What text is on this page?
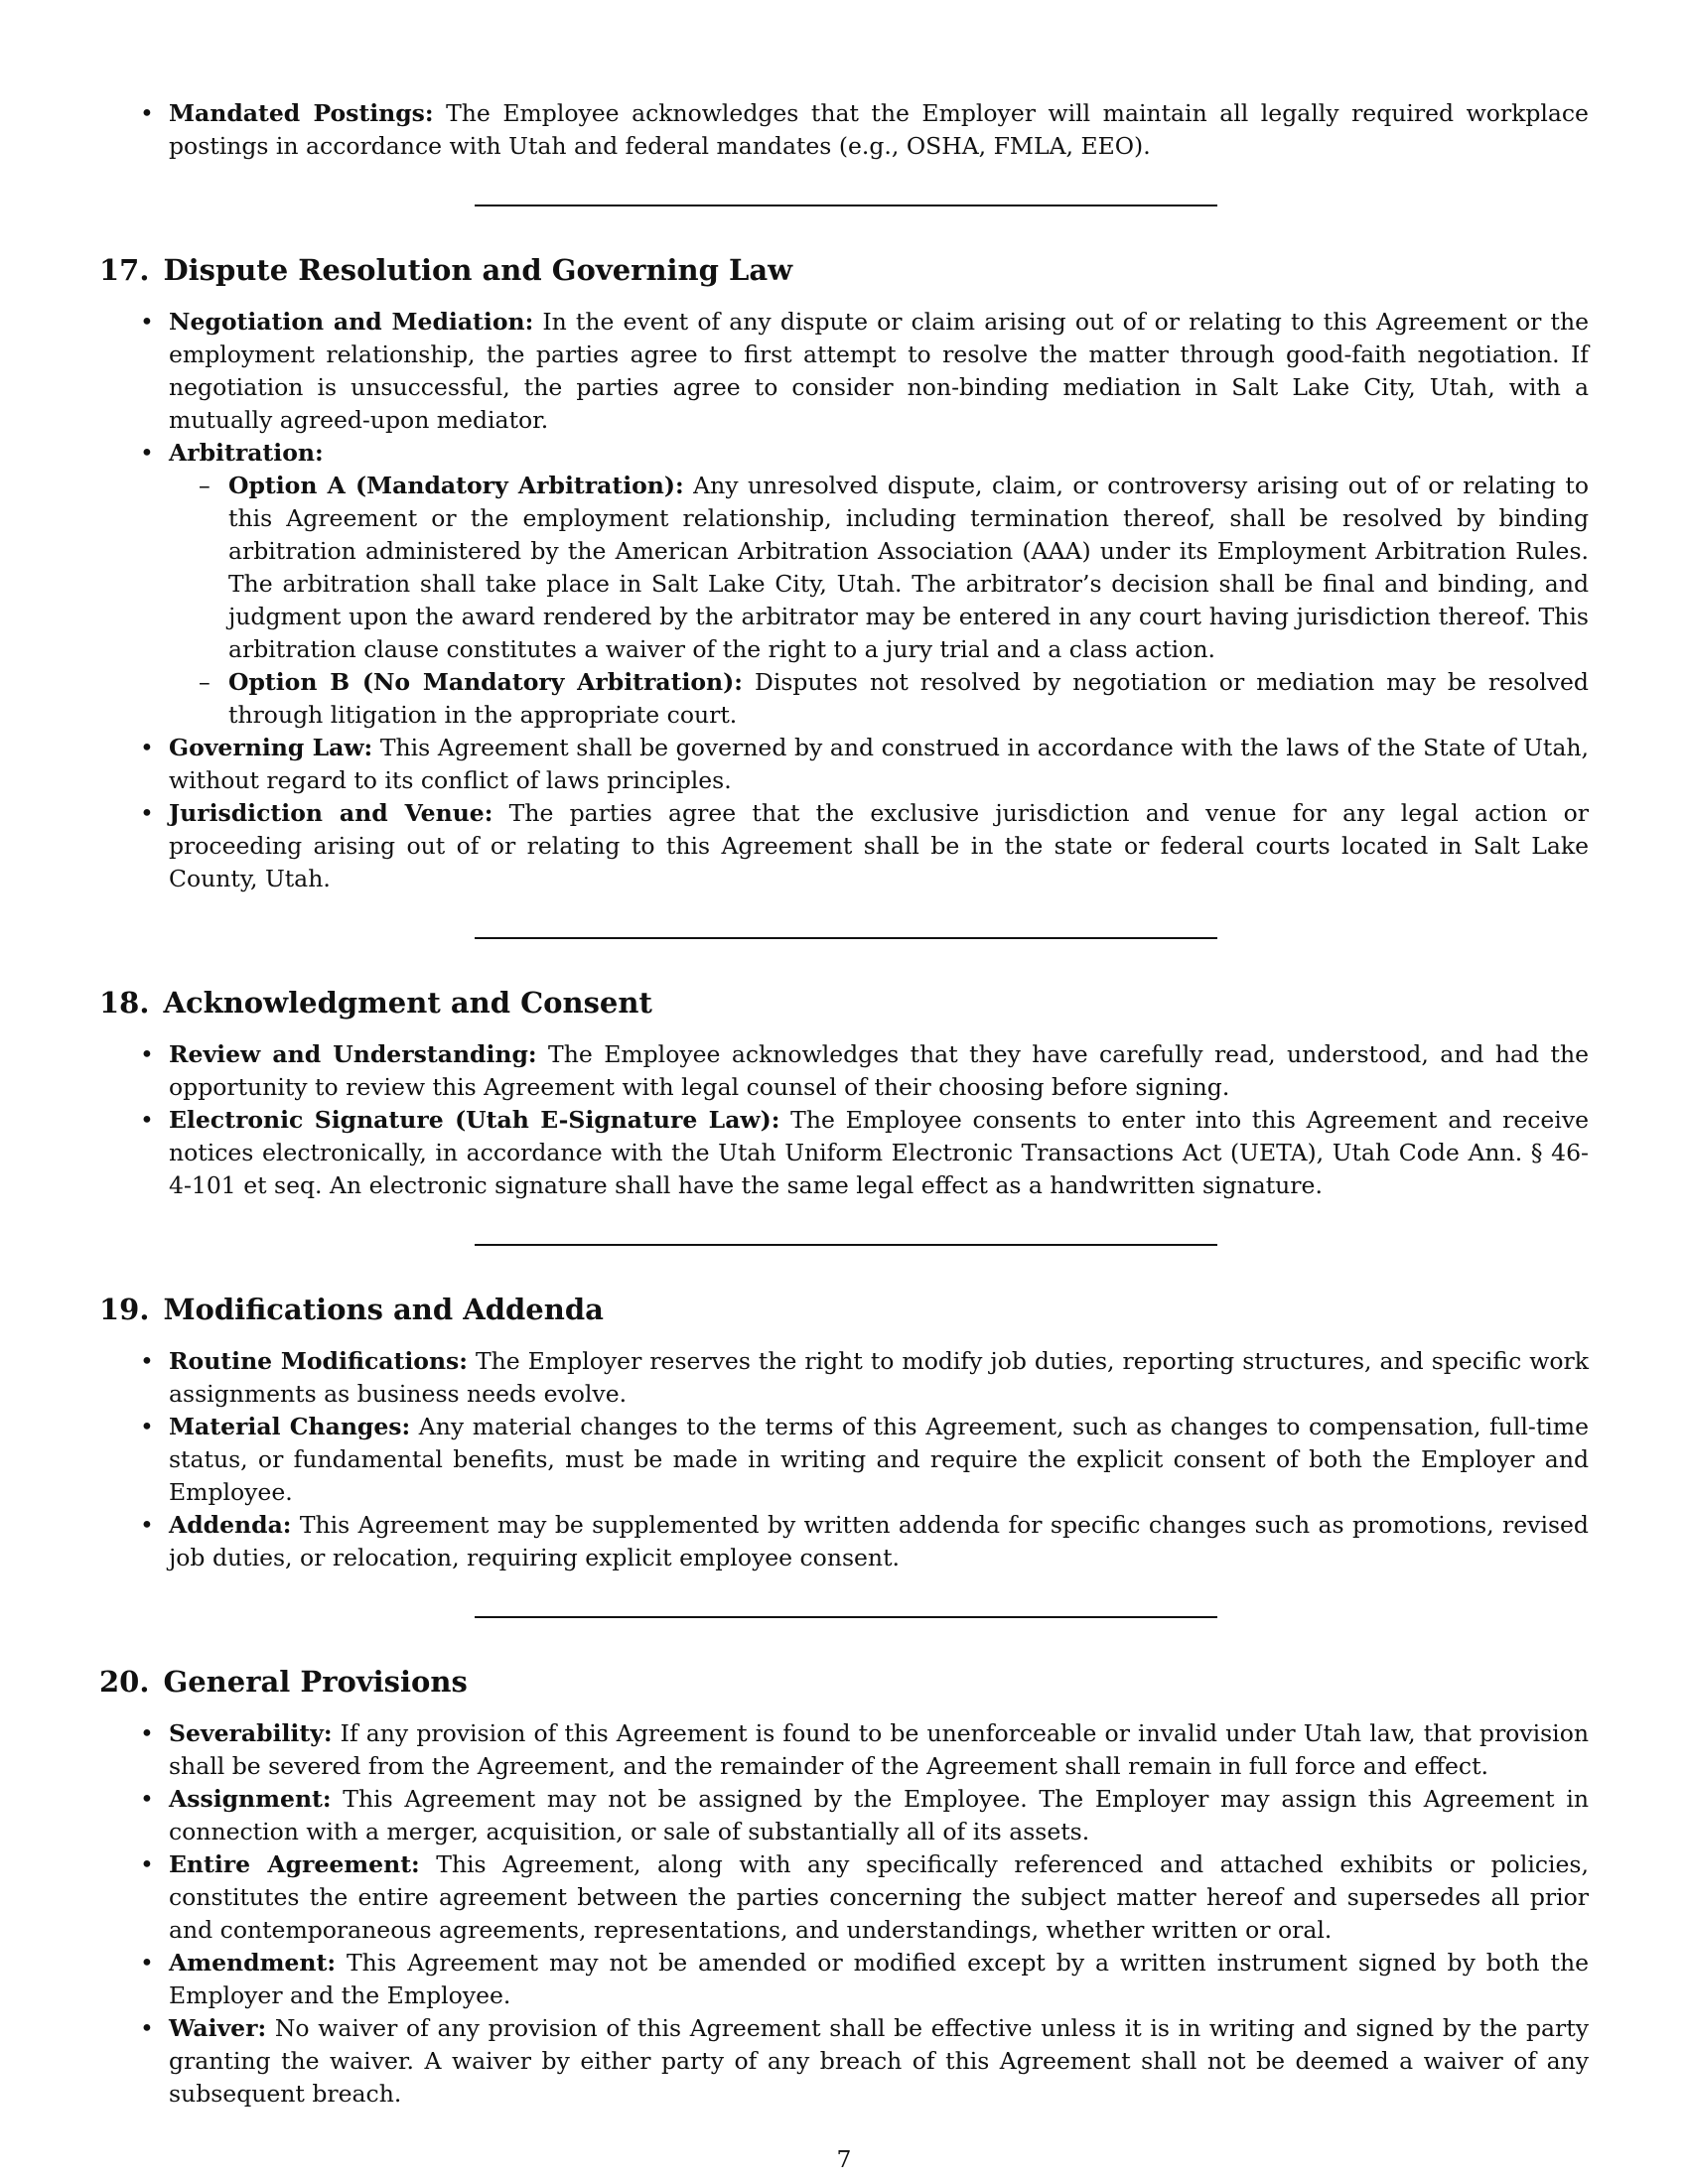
• Mandated Postings: The Employee acknowledges that the Employer will maintain all legally required workplace postings in accordance with Utah and federal mandates (e.g., OSHA, FMLA, EEO).
17. Dispute Resolution and Governing Law
• Negotiation and Mediation: In the event of any dispute or claim arising out of or relating to this Agreement or the employment relationship, the parties agree to first attempt to resolve the matter through good-faith negotiation. If negotiation is unsuccessful, the parties agree to consider non-binding mediation in Salt Lake City, Utah, with a mutually agreed-upon mediator.
• Arbitration:
– Option A (Mandatory Arbitration): Any unresolved dispute, claim, or controversy arising out of or relating to this Agreement or the employment relationship, including termination thereof, shall be resolved by binding arbitration administered by the American Arbitration Association (AAA) under its Employment Arbitration Rules. The arbitration shall take place in Salt Lake City, Utah. The arbitrator’s decision shall be final and binding, and judgment upon the award rendered by the arbitrator may be entered in any court having jurisdiction thereof. This arbitration clause constitutes a waiver of the right to a jury trial and a class action.
– Option B (No Mandatory Arbitration): Disputes not resolved by negotiation or mediation may be resolved through litigation in the appropriate court.
• Governing Law: This Agreement shall be governed by and construed in accordance with the laws of the State of Utah, without regard to its conflict of laws principles.
• Jurisdiction and Venue: The parties agree that the exclusive jurisdiction and venue for any legal action or proceeding arising out of or relating to this Agreement shall be in the state or federal courts located in Salt Lake County, Utah.
18. Acknowledgment and Consent
• Review and Understanding: The Employee acknowledges that they have carefully read, understood, and had the opportunity to review this Agreement with legal counsel of their choosing before signing.
• Electronic Signature (Utah E-Signature Law): The Employee consents to enter into this Agreement and receive notices electronically, in accordance with the Utah Uniform Electronic Transactions Act (UETA), Utah Code Ann. § 46-4-101 et seq. An electronic signature shall have the same legal effect as a handwritten signature.
19. Modifications and Addenda
• Routine Modifications: The Employer reserves the right to modify job duties, reporting structures, and specific work assignments as business needs evolve.
• Material Changes: Any material changes to the terms of this Agreement, such as changes to compensation, full-time status, or fundamental benefits, must be made in writing and require the explicit consent of both the Employer and Employee.
• Addenda: This Agreement may be supplemented by written addenda for specific changes such as promotions, revised job duties, or relocation, requiring explicit employee consent.
20. General Provisions
• Severability: If any provision of this Agreement is found to be unenforceable or invalid under Utah law, that provision shall be severed from the Agreement, and the remainder of the Agreement shall remain in full force and effect.
• Assignment: This Agreement may not be assigned by the Employee. The Employer may assign this Agreement in connection with a merger, acquisition, or sale of substantially all of its assets.
• Entire Agreement: This Agreement, along with any specifically referenced and attached exhibits or policies, constitutes the entire agreement between the parties concerning the subject matter hereof and supersedes all prior and contemporaneous agreements, representations, and understandings, whether written or oral.
• Amendment: This Agreement may not be amended or modified except by a written instrument signed by both the Employer and the Employee.
• Waiver: No waiver of any provision of this Agreement shall be effective unless it is in writing and signed by the party granting the waiver. A waiver by either party of any breach of this Agreement shall not be deemed a waiver of any subsequent breach.
7
